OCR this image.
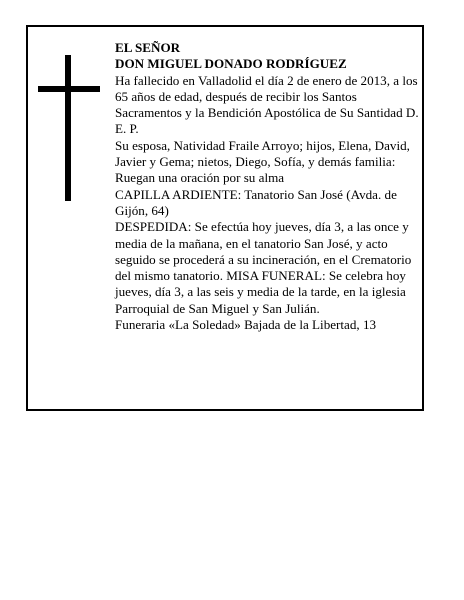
EL SEÑOR

DON MIGUEL DONADO RODRÍGUEZ

Ha fallecido en Valladolid el día 2 de enero de 2013, a los 65 años de edad, después de recibir los Santos Sacramentos y la Bendición Apostólica de Su Santidad D. E. P.

Su esposa, Natividad Fraile Arroyo; hijos, Elena, David, Javier y Gema; nietos, Diego, Sofía, y demás familia:

Ruegan una oración por su alma

CAPILLA ARDIENTE: Tanatorio San José (Avda. de Gijón, 64)

DESPEDIDA: Se efectúa hoy jueves, día 3, a las once y media de la mañana, en el tanatorio San José, y acto seguido se procederá a su incineración, en el Crematorio del mismo tanatorio. MISA FUNERAL: Se celebra hoy jueves, día 3, a las seis y media de la tarde, en la iglesia Parroquial de San Miguel y San Julián.

Funeraria «La Soledad» Bajada de la Libertad, 13
